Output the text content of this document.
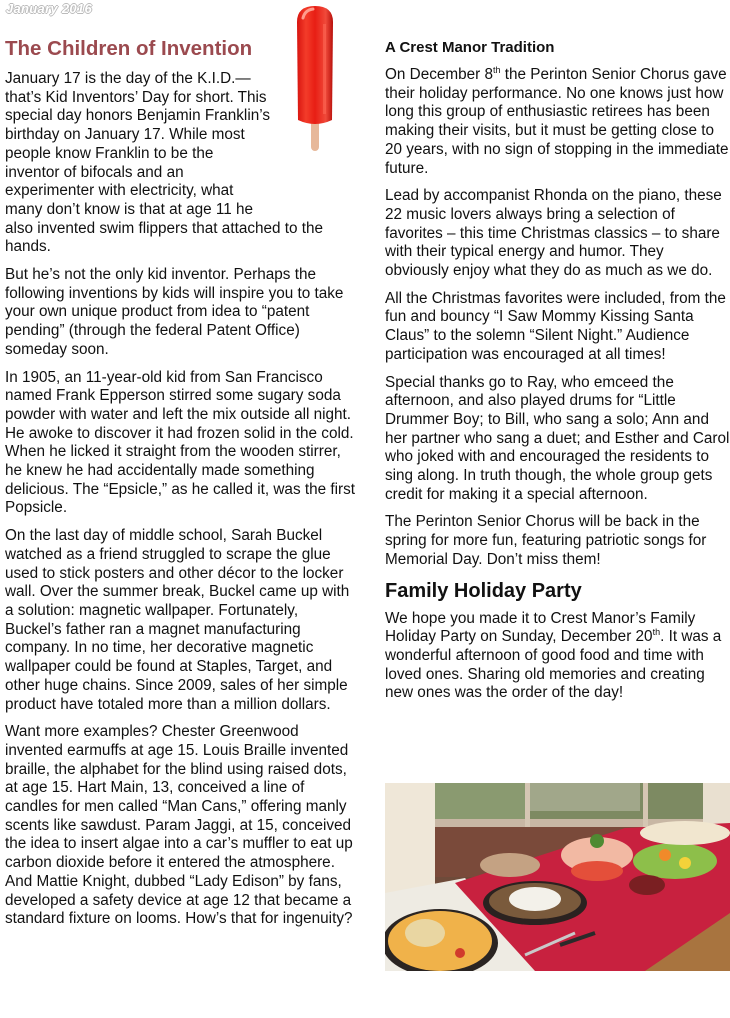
January 2016
The Children of Invention

January 17 is the day of the K.I.D.— that’s Kid Inventors’ Day for short. This special day honors Benjamin Franklin’s birthday on January 17. While most people know Franklin to be the inventor of bifocals and an experimenter with electricity, what many don’t know is that at age 11 he also invented swim flippers that attached to the hands.

But he’s not the only kid inventor. Perhaps the following inventions by kids will inspire you to take your own unique product from idea to “patent pending” (through the federal Patent Office) someday soon.

In 1905, an 11-year-old kid from San Francisco named Frank Epperson stirred some sugary soda powder with water and left the mix outside all night. He awoke to discover it had frozen solid in the cold. When he licked it straight from the wooden stirrer, he knew he had accidentally made something delicious. The “Epsicle,” as he called it, was the first Popsicle.

On the last day of middle school, Sarah Buckel watched as a friend struggled to scrape the glue used to stick posters and other décor to the locker wall. Over the summer break, Buckel came up with a solution: magnetic wallpaper. Fortunately, Buckel’s father ran a magnet manufacturing company. In no time, her decorative magnetic wallpaper could be found at Staples, Target, and other huge chains. Since 2009, sales of her simple product have totaled more than a million dollars.

Want more examples? Chester Greenwood invented earmuffs at age 15. Louis Braille invented braille, the alphabet for the blind using raised dots, at age 15. Hart Main, 13, conceived a line of candles for men called “Man Cans,” offering manly scents like sawdust. Param Jaggi, at 15, conceived the idea to insert algae into a car’s muffler to eat up carbon dioxide before it entered the atmosphere. And Mattie Knight, dubbed “Lady Edison” by fans, developed a safety device at age 12 that became a standard fixture on looms. How’s that for ingenuity?

A Crest Manor Tradition

On December 8th the Perinton Senior Chorus gave their holiday performance. No one knows just how long this group of enthusiastic retirees has been making their visits, but it must be getting close to 20 years, with no sign of stopping in the immediate future.

Lead by accompanist Rhonda on the piano, these 22 music lovers always bring a selection of favorites – this time Christmas classics – to share with their typical energy and humor. They obviously enjoy what they do as much as we do.

All the Christmas favorites were included, from the fun and bouncy “I Saw Mommy Kissing Santa Claus” to the solemn “Silent Night.” Audience participation was encouraged at all times!

Special thanks go to Ray, who emceed the afternoon, and also played drums for “Little Drummer Boy; to Bill, who sang a solo; Ann and her partner who sang a duet; and Esther and Carol who joked with and encouraged the residents to sing along. In truth though, the whole group gets credit for making it a special afternoon.

The Perinton Senior Chorus will be back in the spring for more fun, featuring patriotic songs for Memorial Day. Don’t miss them!

Family Holiday Party

We hope you made it to Crest Manor’s Family Holiday Party on Sunday, December 20th. It was a wonderful afternoon of good food and time with loved ones. Sharing old memories and creating new ones was the order of the day!
